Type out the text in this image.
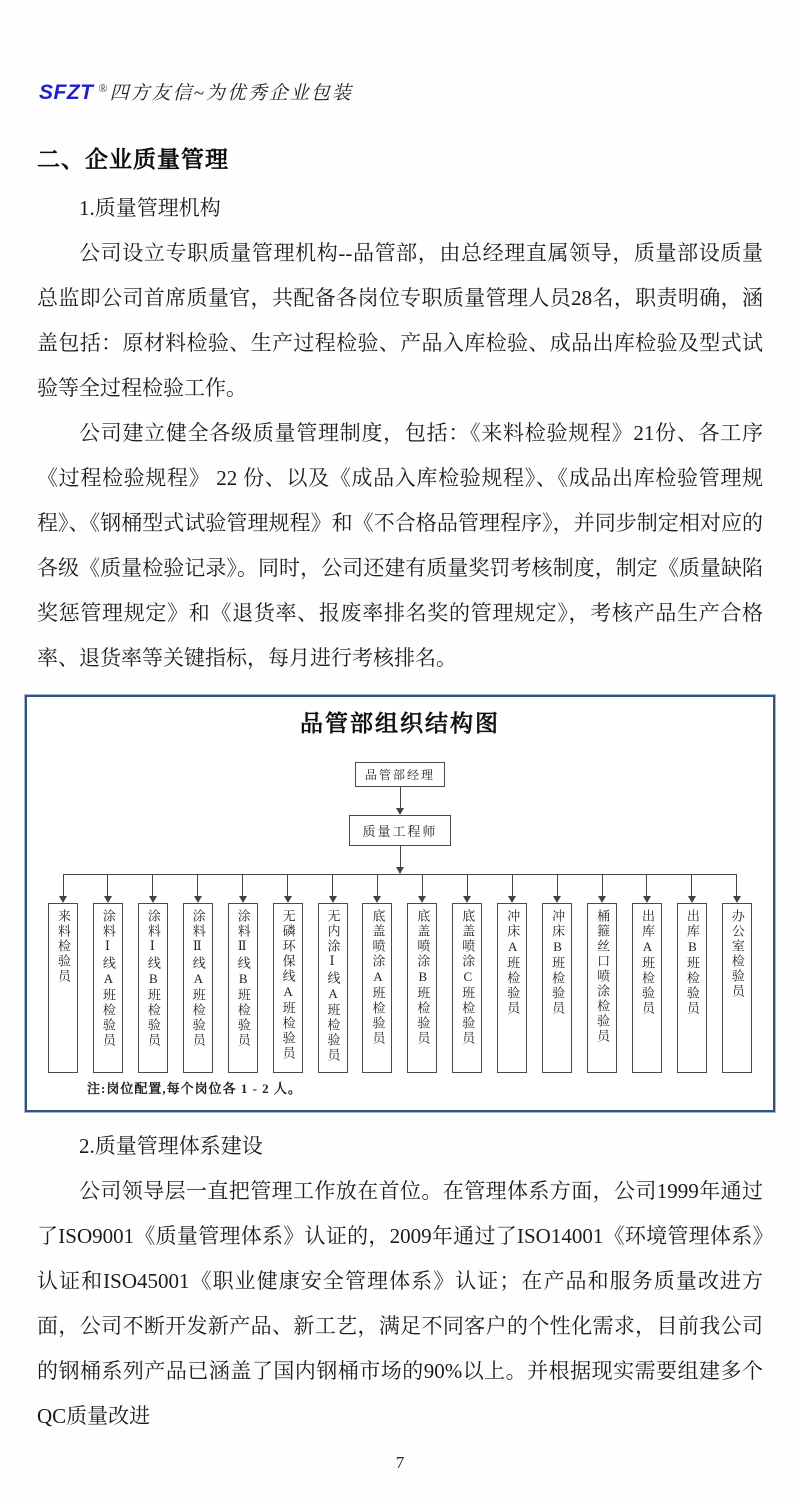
SFZT ® 四方友信~为优秀企业包装
二、企业质量管理
1.质量管理机构
公司设立专职质量管理机构--品管部，由总经理直属领导，质量部设质量总监即公司首席质量官，共配备各岗位专职质量管理人员28名，职责明确，涵盖包括：原材料检验、生产过程检验、产品入库检验、成品出库检验及型式试验等全过程检验工作。
公司建立健全各级质量管理制度，包括：《来料检验规程》21份、各工序《过程检验规程》 22 份、以及《成品入库检验规程》、《成品出库检验管理规程》、《钢桶型式试验管理规程》和《不合格品管理程序》，并同步制定相对应的各级《质量检验记录》。同时，公司还建有质量奖罚考核制度，制定《质量缺陷奖惩管理规定》和《退货率、报废率排名奖的管理规定》，考核产品生产合格率、退货率等关键指标，每月进行考核排名。
品管部组织结构图
品管部经理
质量工程师
来料检验员	涂料Ⅰ线A班检验员	涂料Ⅰ线B班检验员	涂料Ⅱ线A班检验员	涂料Ⅱ线B班检验员	无磷环保线A班检验员	无内涂Ⅰ线A班检验员	底盖喷涂A班检验员	底盖喷涂B班检验员	底盖喷涂C班检验员	冲床A班检验员	冲床B班检验员	桶箍丝口喷涂检验员	出库A班检验员	出库B班检验员	办公室检验员
注:岗位配置,每个岗位各 1 - 2 人。
2.质量管理体系建设
公司领导层一直把管理工作放在首位。在管理体系方面，公司1999年通过了ISO9001《质量管理体系》认证的，2009年通过了ISO14001《环境管理体系》认证和ISO45001《职业健康安全管理体系》认证；在产品和服务质量改进方面，公司不断开发新产品、新工艺，满足不同客户的个性化需求，目前我公司的钢桶系列产品已涵盖了国内钢桶市场的90%以上。并根据现实需要组建多个QC质量改进
7
